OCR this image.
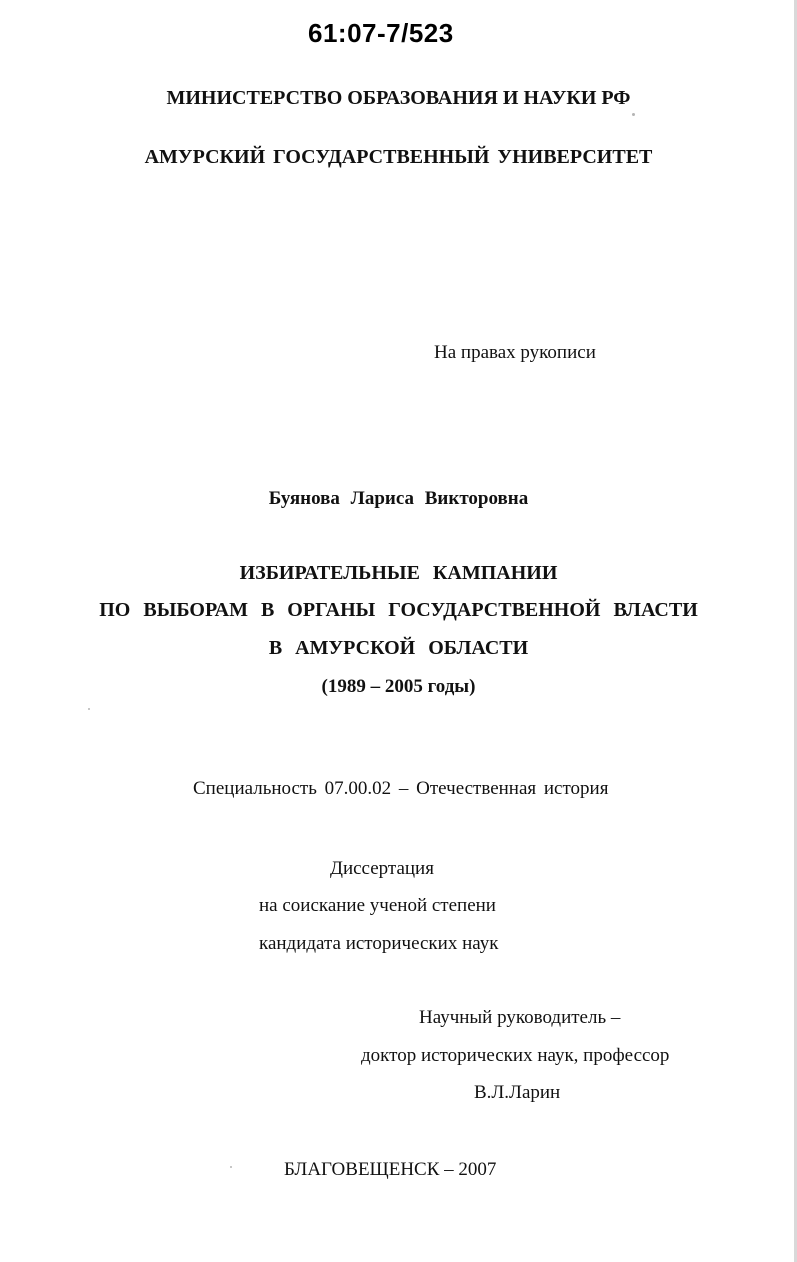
61:07-7/523
МИНИСТЕРСТВО ОБРАЗОВАНИЯ И НАУКИ РФ
АМУРСКИЙ ГОСУДАРСТВЕННЫЙ УНИВЕРСИТЕТ
На правах рукописи
Буянова Лариса Викторовна
ИЗБИРАТЕЛЬНЫЕ КАМПАНИИ
ПО ВЫБОРАМ В ОРГАНЫ ГОСУДАРСТВЕННОЙ ВЛАСТИ
В АМУРСКОЙ ОБЛАСТИ
(1989 – 2005 годы)
Специальность 07.00.02 – Отечественная история
Диссертация
на соискание ученой степени
кандидата исторических наук
Научный руководитель –
доктор исторических наук, профессор
В.Л.Ларин
БЛАГОВЕЩЕНСК – 2007
